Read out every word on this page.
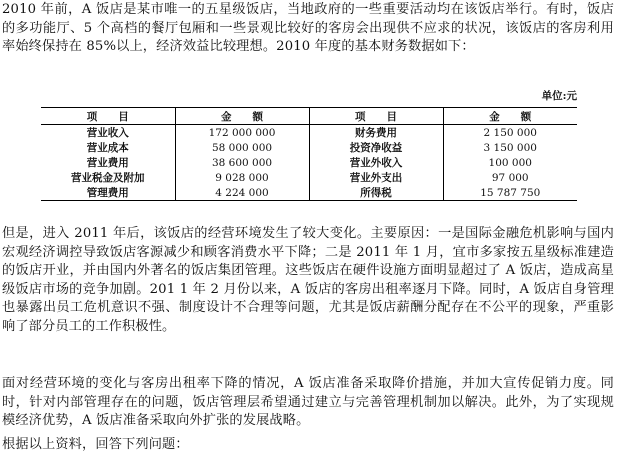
2010 年前，A 饭店是某市唯一的五星级饭店，当地政府的一些重要活动均在该饭店举行。有时，饭店的多功能厅、5 个高档的餐厅包厢和一些景观比较好的客房会出现供不应求的状况，该饭店的客房利用率始终保持在 85%以上，经济效益比较理想。2010 年度的基本财务数据如下：
单位:元
项　　目	金　　额	项　　目	金　　额
营业收入	172 000 000	财务费用	2 150 000
营业成本	58 000 000	投资净收益	3 150 000
营业费用	38 600 000	营业外收入	100 000
营业税金及附加	9 028 000	营业外支出	97 000
管理费用	4 224 000	所得税	15 787 750
但是，进入 2011 年后，该饭店的经营环境发生了较大变化。主要原因：一是国际金融危机影响与国内宏观经济调控导致饭店客源减少和顾客消费水平下降；二是 2011 年 1 月，宜市多家按五星级标准建造的饭店开业，并由国内外著名的饭店集团管理。这些饭店在硬件设施方面明显超过了 A 饭店，造成高星级饭店市场的竞争加剧。201 1 年 2 月份以来，A 饭店的客房出租率逐月下降。同时，A 饭店自身管理也暴露出员工危机意识不强、制度设计不合理等问题，尤其是饭店薪酬分配存在不公平的现象，严重影响了部分员工的工作积极性。
面对经营环境的变化与客房出租率下降的情况，A 饭店准备采取降价措施，并加大宣传促销力度。同时，针对内部管理存在的问题，饭店管理层希望通过建立与完善管理机制加以解决。此外，为了实现规模经济优势，A 饭店准备采取向外扩张的发展战略。
根据以上资料，回答下列问题：
